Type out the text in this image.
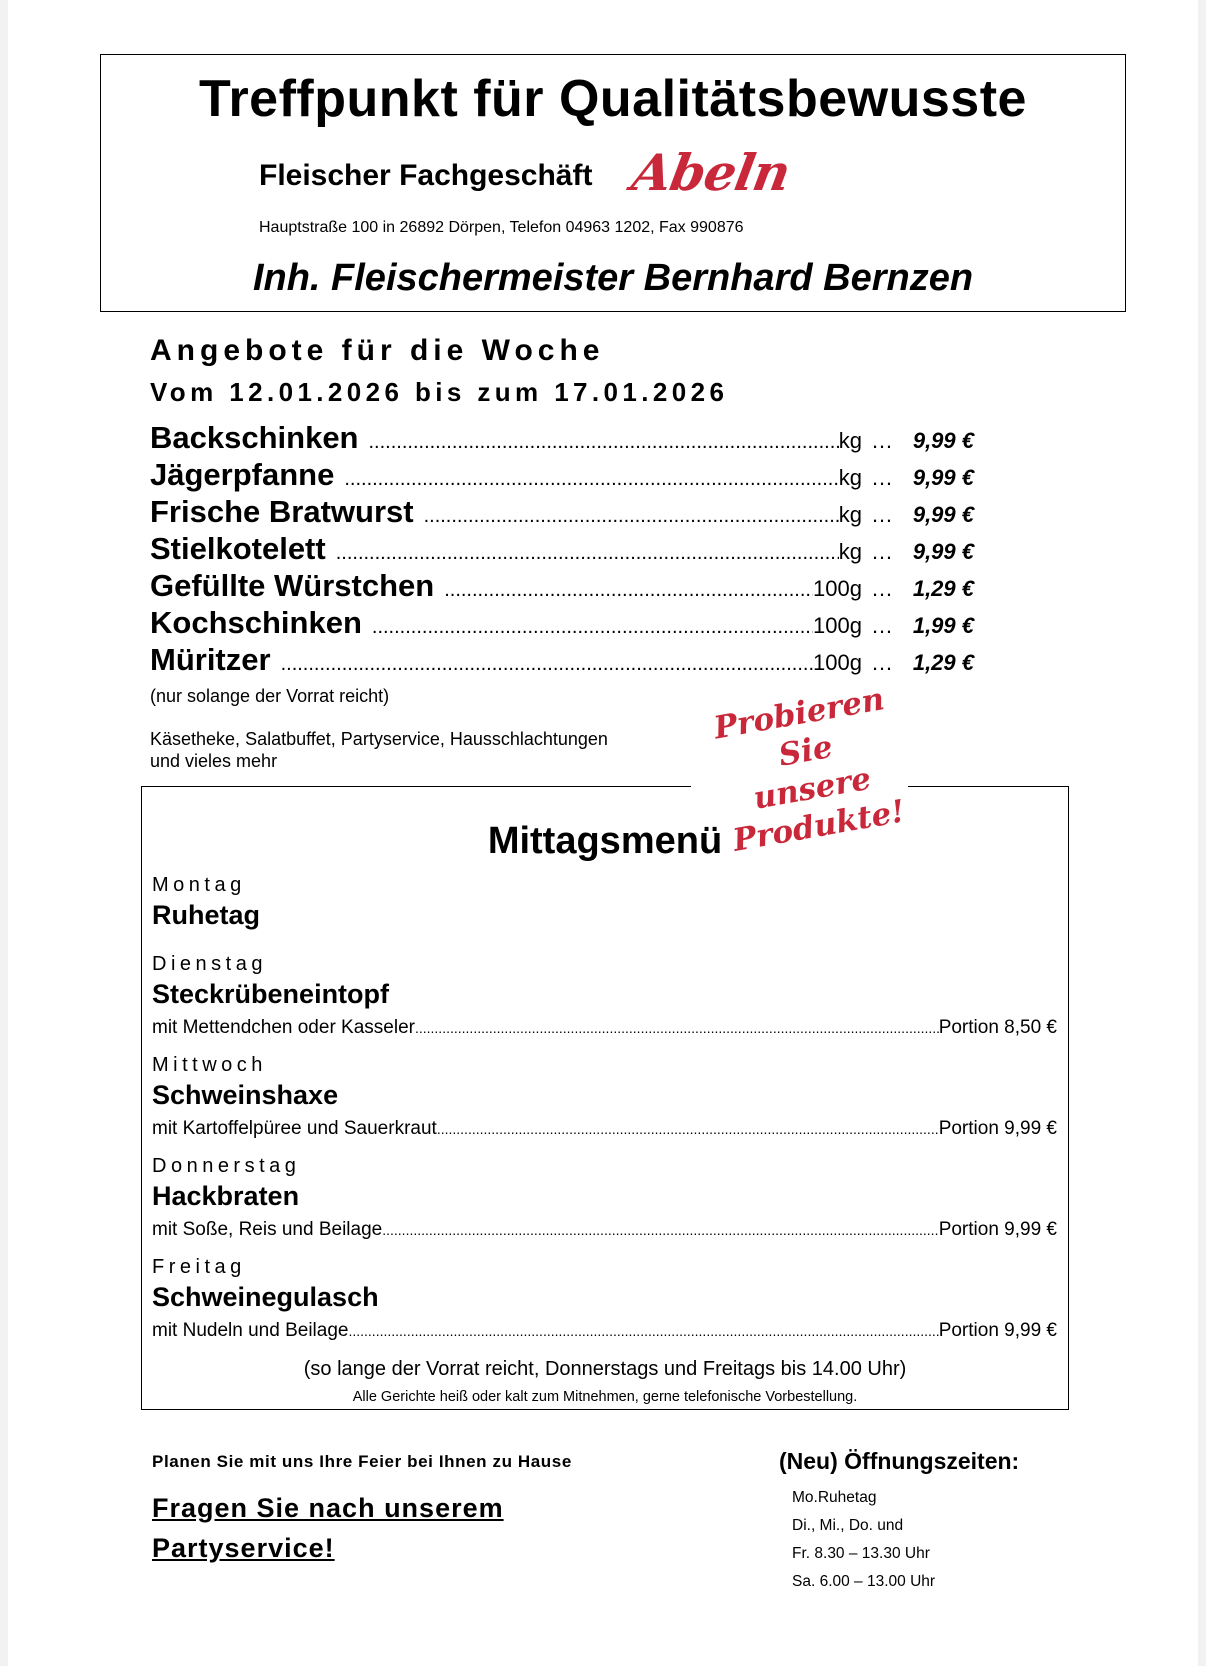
Treffpunkt für Qualitätsbewusste
Fleischer Fachgeschäft Abeln
Hauptstraße 100 in 26892 Dörpen, Telefon 04963 1202, Fax 990876
Inh. Fleischermeister Bernhard Bernzen
Angebote für die Woche
Vom 12.01.2026 bis zum 17.01.2026
Backschinken .....	kg … 9,99 €
Jägerpfanne .....	kg … 9,99 €
Frische Bratwurst .....	kg … 9,99 €
Stielkotelett .....	kg … 9,99 €
Gefüllte Würstchen .....	100g … 1,29 €
Kochschinken .....	100g … 1,99 €
Müritzer .....	100g … 1,29 €
(nur solange der Vorrat reicht)
Käsetheke, Salatbuffet, Partyservice, Hausschlachtungen
und vieles mehr
Probieren Sie
unsere Produkte!
Mittagsmenü
(so lange der Vorrat reicht, Donnerstags und Freitags bis 14.00 Uhr)
Alle Gerichte heiß oder kalt zum Mitnehmen, gerne telefonische Vorbestellung.
Montag
Ruhetag
Dienstag
Steckrübeneintopf
mit Mettendchen oder Kasseler .....	Portion 8,50 €
Mittwoch
Schweinshaxe
mit Kartoffelpüree und Sauerkraut .....	Portion 9,99 €
Donnerstag
Hackbraten
mit Soße, Reis und Beilage .....	Portion 9,99 €
Freitag
Schweinegulasch
mit Nudeln und Beilage .....	Portion 9,99 €
Planen Sie mit uns Ihre Feier bei Ihnen zu Hause
Fragen Sie nach unserem
Partyservice!
(Neu) Öffnungszeiten:
Mo.Ruhetag
Di., Mi., Do. und
Fr. 8.30 – 13.30 Uhr
Sa. 6.00 – 13.00 Uhr
